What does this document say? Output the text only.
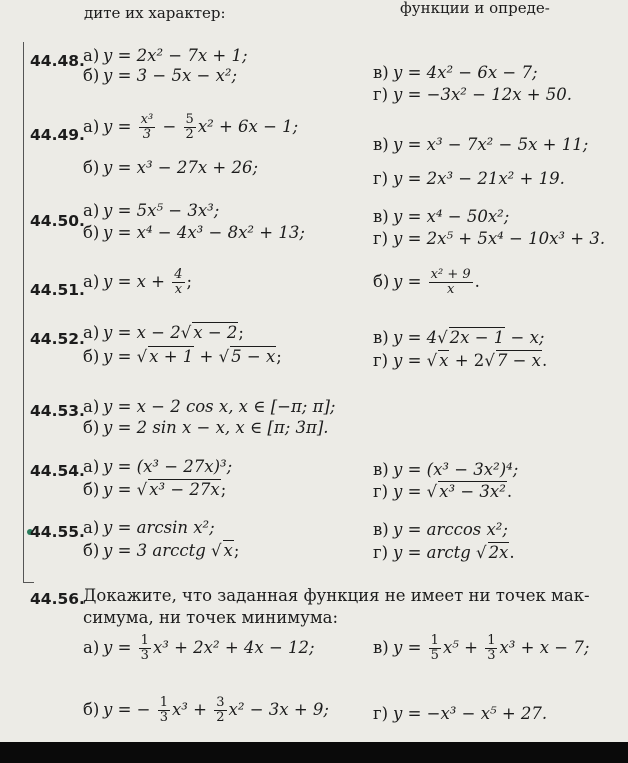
дите их характер:	функции и опреде-
44.48.
а) y = 2x² − 7x + 1;
б) y = 3 − 5x − x²;	в) y = 4x² − 6x − 7;
г) y = −3x² − 12x + 50.
44.49.
а) $y = \frac{\text{x³}}{3} - \frac{5}{2} x^2 + 6x - 1$;
б) y = x³ − 27x + 26;
в) y = x³ − 7x² − 5x + 11;
г) y = 2x³ − 21x² + 19.
44.50.
а) y = 5x⁵ − 3x³;
б) y = x⁴ − 4x³ − 8x² + 13;
в) y = x⁴ − 50x²;
г) y = 2x⁵ + 5x⁴ − 10x³ + 3.
44.51.
а) $y = x + \frac{4}{x}$ ;	б) $y = \frac{\text{x² + 9}}{x}$ .
44.52.
а) y = x − 2√ x − 2;
б) y = √ x + 1 + √ 5 − x;
в) y = 4√ 2x − 1 − x;
г) y = √ x + 2√ 7 − x.
44.53.
а) y = x − 2 cos x, x ∈ [−π; π];
б) y = 2 sin x − x, x ∈ [π; 3π].
44.54.
а) y = (x³ − 27x)³;
б) y = √ x³ − 27x;
в) y = (x³ − 3x²)⁴;
г) y = √ x³ − 3x².
44.55.
а) y = arcsin x²;
б) y = 3 arcctg √ x;
в) y = arccos x²;
г) y = arctg √ 2x.
44.56.
Докажите, что заданная функция не имеет ни точек мак-
симума, ни точек минимума:
а) $y = \frac{1}{3} x^3 + 2x^2 + 4x - 12$;	в) $y = \frac{1}{5} x^5 + \frac{1}{3} x^3 + x - 7$;
б) y = − $\frac{1}{3} x^3 + \frac{3}{2} x^2 - 3x + 9$;	г) y = −x³ − x⁵ + 27.
